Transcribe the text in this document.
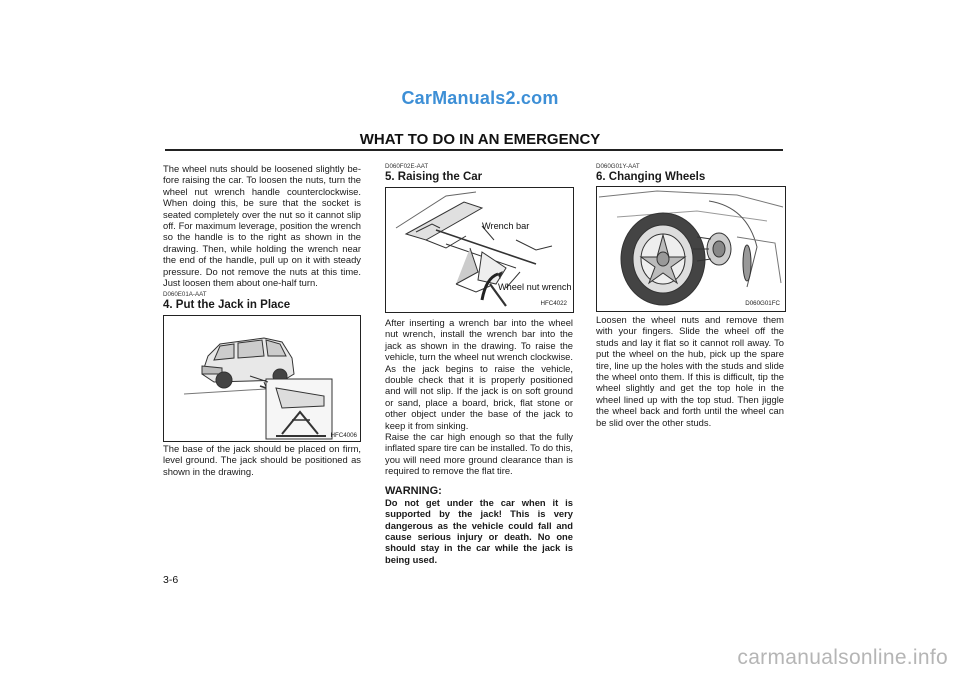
CarManuals2.com
WHAT TO DO IN AN EMERGENCY

The wheel nuts should be loosened slightly be-fore raising the car. To loosen the nuts, turn the wheel nut wrench handle counterclockwise. When doing this, be sure that the socket is seated completely over the nut so it cannot slip off. For maximum leverage, position the wrench so the handle is to the right as shown in the drawing. Then, while holding the wrench near the end of the handle, pull up on it with steady pressure. Do not remove the nuts at this time. Just loosen them about one-half turn.

D060E01A-AAT

4. Put the Jack in Place

HFC4006

The base of the jack should be placed on firm, level ground. The jack should be positioned as shown in the drawing.

D060F02E-AAT

5. Raising the Car

Wrench bar
Wheel nut wrench
HFC4022

After inserting a wrench bar into the wheel nut wrench, install the wrench bar into the jack as shown in the drawing. To raise the vehicle, turn the wheel nut wrench clockwise. As the jack begins to raise the vehicle, double check that it is properly positioned and will not slip. If the jack is on soft ground or sand, place a board, brick, flat stone or other object under the base of the jack to keep it from sinking.

Raise the car high enough so that the fully inflated spare tire can be installed. To do this, you will need more ground clearance than is required to remove the flat tire.

WARNING:

Do not get under the car when it is supported by the jack! This is very dangerous as the vehicle could fall and cause serious injury or death. No one should stay in the car while the jack is being used.

D060G01Y-AAT

6. Changing Wheels

D060G01FC

Loosen the wheel nuts and remove them with your fingers. Slide the wheel off the studs and lay it flat so it cannot roll away. To put the wheel on the hub, pick up the spare tire, line up the holes with the studs and slide the wheel onto them. If this is difficult, tip the wheel slightly and get the top hole in the wheel lined up with the top stud. Then jiggle the wheel back and forth until the wheel can be slid over the other studs.

3-6
carmanualsonline.info
